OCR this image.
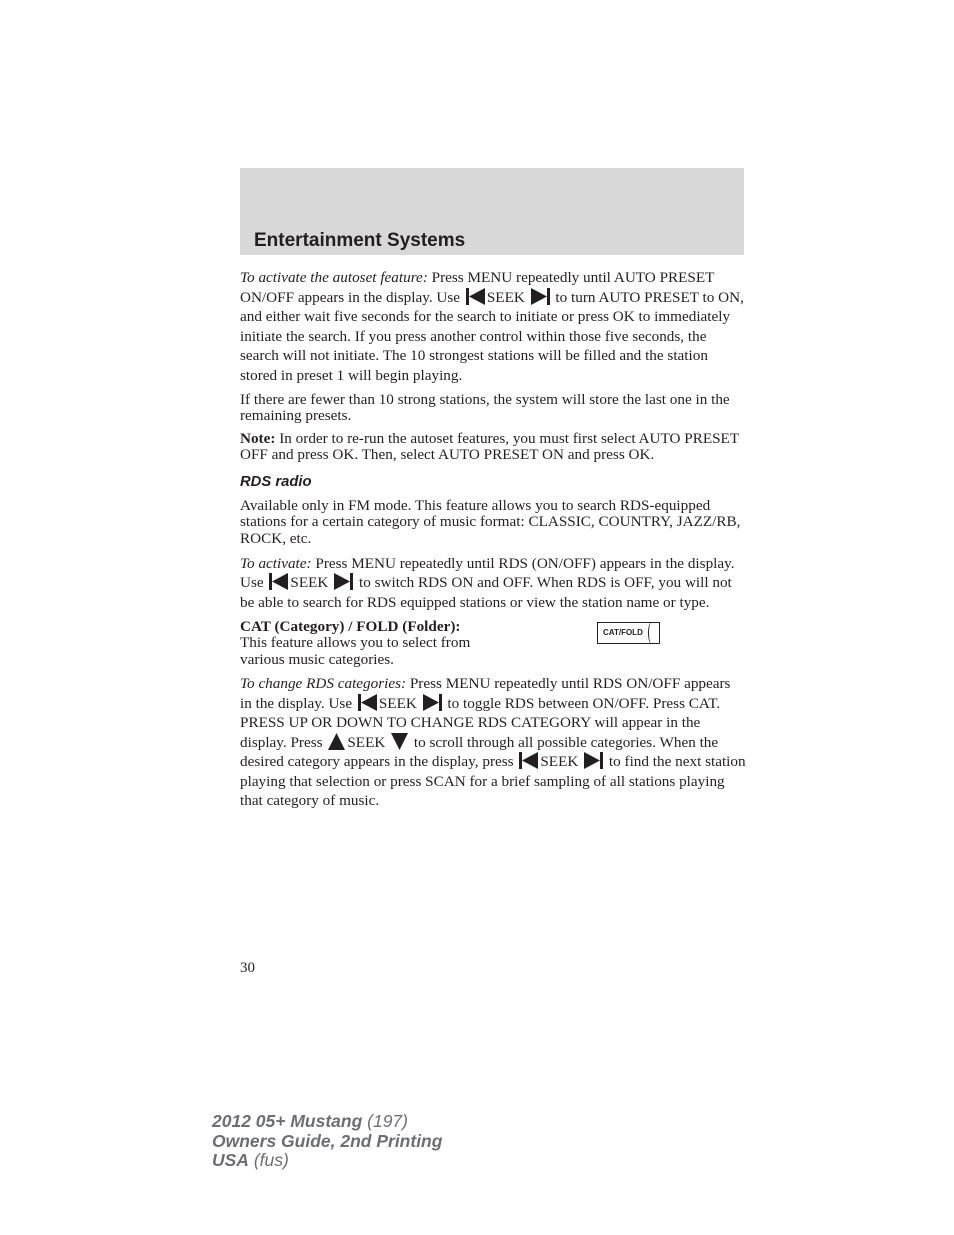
Entertainment Systems

To activate the autoset feature: Press MENU repeatedly until AUTO PRESET ON/OFF appears in the display. Use SEEK  to turn AUTO PRESET to ON, and either wait five seconds for the search to initiate or press OK to immediately initiate the search. If you press another control within those five seconds, the search will not initiate. The 10 strongest stations will be filled and the station stored in preset 1 will begin playing.

If there are fewer than 10 strong stations, the system will store the last one in the remaining presets.

Note: In order to re-run the autoset features, you must first select AUTO PRESET OFF and press OK. Then, select AUTO PRESET ON and press OK.

RDS radio

Available only in FM mode. This feature allows you to search RDS-equipped stations for a certain category of music format: CLASSIC, COUNTRY, JAZZ/RB, ROCK, etc.

To activate: Press MENU repeatedly until RDS (ON/OFF) appears in the display. Use SEEK  to switch RDS ON and OFF. When RDS is OFF, you will not be able to search for RDS equipped stations or view the station name or type.

CAT (Category) / FOLD (Folder): This feature allows you to select from various music categories.

CAT/FOLD

To change RDS categories: Press MENU repeatedly until RDS ON/OFF appears in the display. Use SEEK  to toggle RDS between ON/OFF. Press CAT. PRESS UP OR DOWN TO CHANGE RDS CATEGORY will appear in the display. Press SEEK  to scroll through all possible categories. When the desired category appears in the display, press SEEK  to find the next station playing that selection or press SCAN for a brief sampling of all stations playing that category of music.

30
2012 05+ Mustang (197)
Owners Guide, 2nd Printing
USA (fus)
